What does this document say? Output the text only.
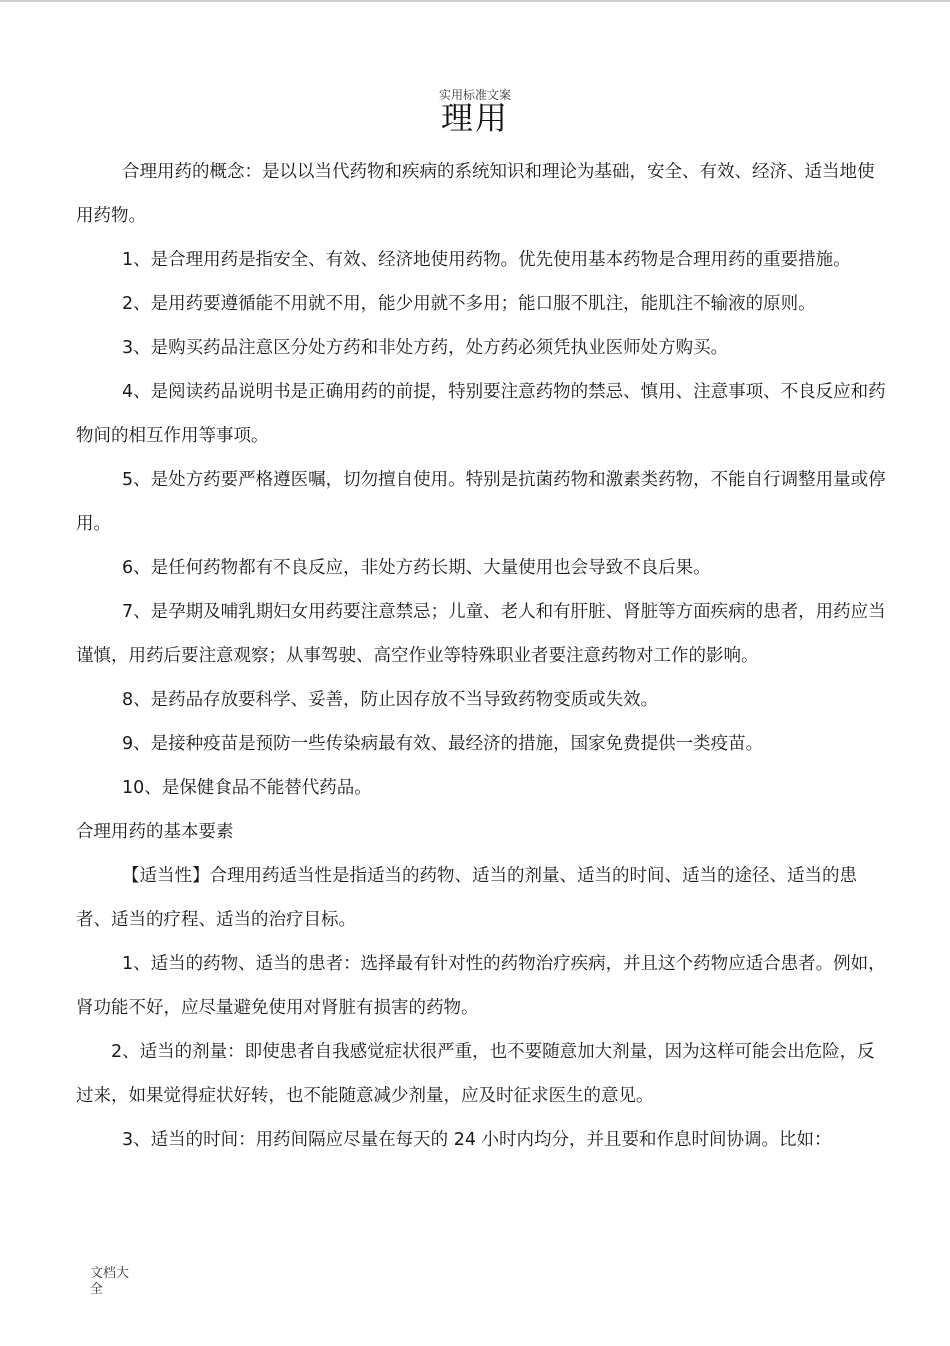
实用标准文案
理用

合理用药的概念：是以以当代药物和疾病的系统知识和理论为基础，安全、有效、经济、适当地使用药物。

1、是合理用药是指安全、有效、经济地使用药物。优先使用基本药物是合理用药的重要措施。

2、是用药要遵循能不用就不用，能少用就不多用；能口服不肌注，能肌注不输液的原则。

3、是购买药品注意区分处方药和非处方药，处方药必须凭执业医师处方购买。

4、是阅读药品说明书是正确用药的前提，特别要注意药物的禁忌、慎用、注意事项、不良反应和药物间的相互作用等事项。

5、是处方药要严格遵医嘱，切勿擅自使用。特别是抗菌药物和激素类药物，不能自行调整用量或停用。

6、是任何药物都有不良反应，非处方药长期、大量使用也会导致不良后果。

7、是孕期及哺乳期妇女用药要注意禁忌；儿童、老人和有肝脏、肾脏等方面疾病的患者，用药应当谨慎，用药后要注意观察；从事驾驶、高空作业等特殊职业者要注意药物对工作的影响。

8、是药品存放要科学、妥善，防止因存放不当导致药物变质或失效。

9、是接种疫苗是预防一些传染病最有效、最经济的措施，国家免费提供一类疫苗。

10、是保健食品不能替代药品。

合理用药的基本要素

【适当性】合理用药适当性是指适当的药物、适当的剂量、适当的时间、适当的途径、适当的患者、适当的疗程、适当的治疗目标。

1、适当的药物、适当的患者：选择最有针对性的药物治疗疾病，并且这个药物应适合患者。例如，肾功能不好，应尽量避免使用对肾脏有损害的药物。

2、适当的剂量：即使患者自我感觉症状很严重，也不要随意加大剂量，因为这样可能会出危险，反过来，如果觉得症状好转，也不能随意减少剂量，应及时征求医生的意见。

3、适当的时间：用药间隔应尽量在每天的 24 小时内均分，并且要和作息时间协调。比如：

文档大全
